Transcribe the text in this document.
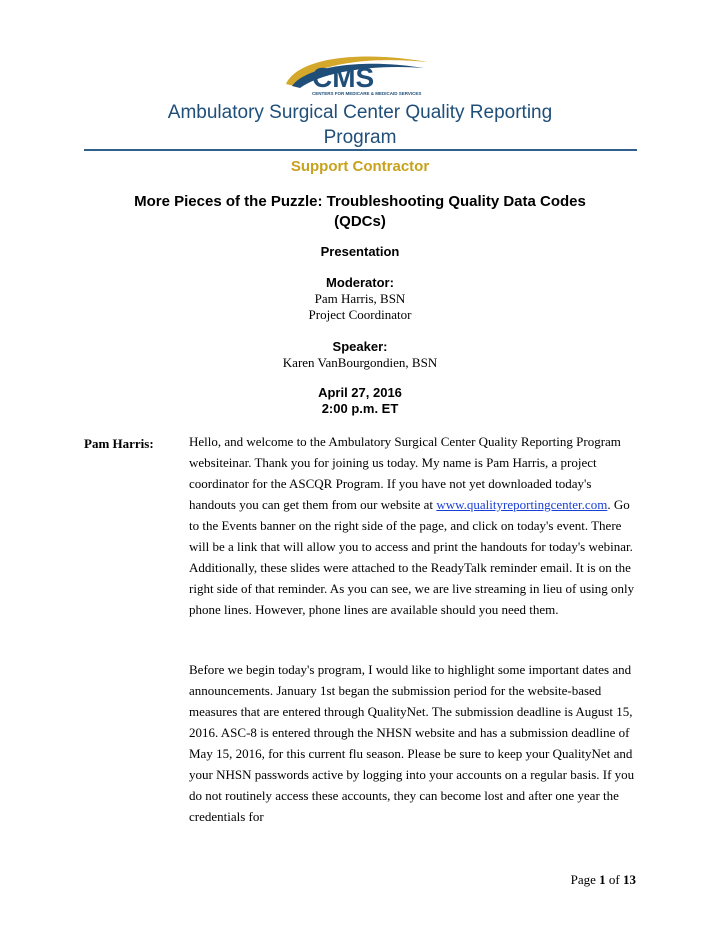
CMS
CENTERS FOR MEDICARE & MEDICAID SERVICES
Ambulatory Surgical Center Quality Reporting
Program
Support Contractor
More Pieces of the Puzzle: Troubleshooting Quality Data Codes
(QDCs)
Presentation
Moderator:
Pam Harris, BSN
Project Coordinator
Speaker:
Karen VanBourgondien, BSN
April 27, 2016
2:00 p.m. ET
Pam Harris:	Hello, and welcome to the Ambulatory Surgical Center Quality Reporting Program websiteinar. Thank you for joining us today. My name is Pam Harris, a project coordinator for the ASCQR Program. If you have not yet downloaded today's handouts you can get them from our website at www.qualityreportingcenter.com. Go to the Events banner on the right side of the page, and click on today's event. There will be a link that will allow you to access and print the handouts for today's webinar. Additionally, these slides were attached to the ReadyTalk reminder email. It is on the right side of that reminder. As you can see, we are live streaming in lieu of using only phone lines. However, phone lines are available should you need them.
Before we begin today's program, I would like to highlight some important dates and announcements. January 1st began the submission period for the website-based measures that are entered through QualityNet. The submission deadline is August 15, 2016. ASC-8 is entered through the NHSN website and has a submission deadline of May 15, 2016, for this current flu season. Please be sure to keep your QualityNet and your NHSN passwords active by logging into your accounts on a regular basis. If you do not routinely access these accounts, they can become lost and after one year the credentials for
Page 1 of 13
